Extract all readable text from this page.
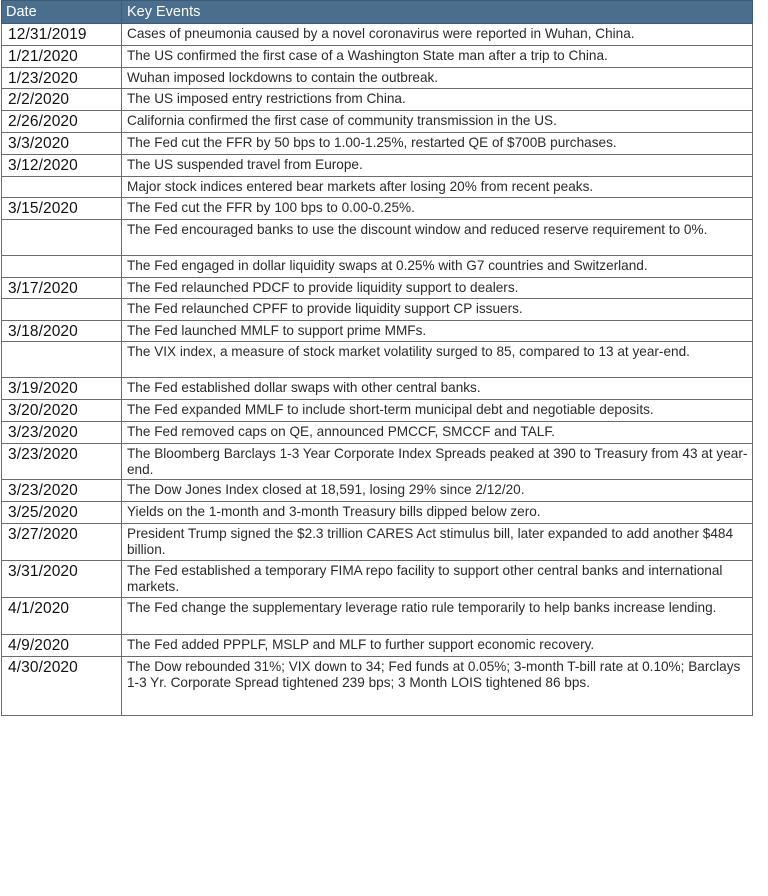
Date	Key Events
12/31/2019	Cases of pneumonia caused by a novel coronavirus were reported in Wuhan, China.
1/21/2020	The US confirmed the first case of a Washington State man after a trip to China.
1/23/2020	Wuhan imposed lockdowns to contain the outbreak.
2/2/2020	The US imposed entry restrictions from China.
2/26/2020	California confirmed the first case of community transmission in the US.
3/3/2020	The Fed cut the FFR by 50 bps to 1.00-1.25%, restarted QE of $700B purchases.
3/12/2020	The US suspended travel from Europe.
	Major stock indices entered bear markets after losing 20% from recent peaks.
3/15/2020	The Fed cut the FFR by 100 bps to 0.00-0.25%.
	The Fed encouraged banks to use the discount window and reduced reserve requirement to 0%.
	The Fed engaged in dollar liquidity swaps at 0.25% with G7 countries and Switzerland.
3/17/2020	The Fed relaunched PDCF to provide liquidity support to dealers.
	The Fed relaunched CPFF to provide liquidity support CP issuers.
3/18/2020	The Fed launched MMLF to support prime MMFs.
	The VIX index, a measure of stock market volatility surged to 85, compared to 13 at year-end.
3/19/2020	The Fed established dollar swaps with other central banks.
3/20/2020	The Fed expanded MMLF to include short-term municipal debt and negotiable deposits.
3/23/2020	The Fed removed caps on QE, announced PMCCF, SMCCF and TALF.
3/23/2020	The Bloomberg Barclays 1-3 Year Corporate Index Spreads peaked at 390 to Treasury from 43 at year-end.
3/23/2020	The Dow Jones Index closed at 18,591, losing 29% since 2/12/20.
3/25/2020	Yields on the 1-month and 3-month Treasury bills dipped below zero.
3/27/2020	President Trump signed the $2.3 trillion CARES Act stimulus bill, later expanded to add another $484 billion.
3/31/2020	The Fed established a temporary FIMA repo facility to support other central banks and international markets.
4/1/2020	The Fed change the supplementary leverage ratio rule temporarily to help banks increase lending.
4/9/2020	The Fed added PPPLF, MSLP and MLF to further support economic recovery.
4/30/2020	The Dow rebounded 31%; VIX down to 34; Fed funds at 0.05%; 3-month T-bill rate at 0.10%; Barclays 1-3 Yr. Corporate Spread tightened 239 bps; 3 Month LOIS tightened 86 bps.
